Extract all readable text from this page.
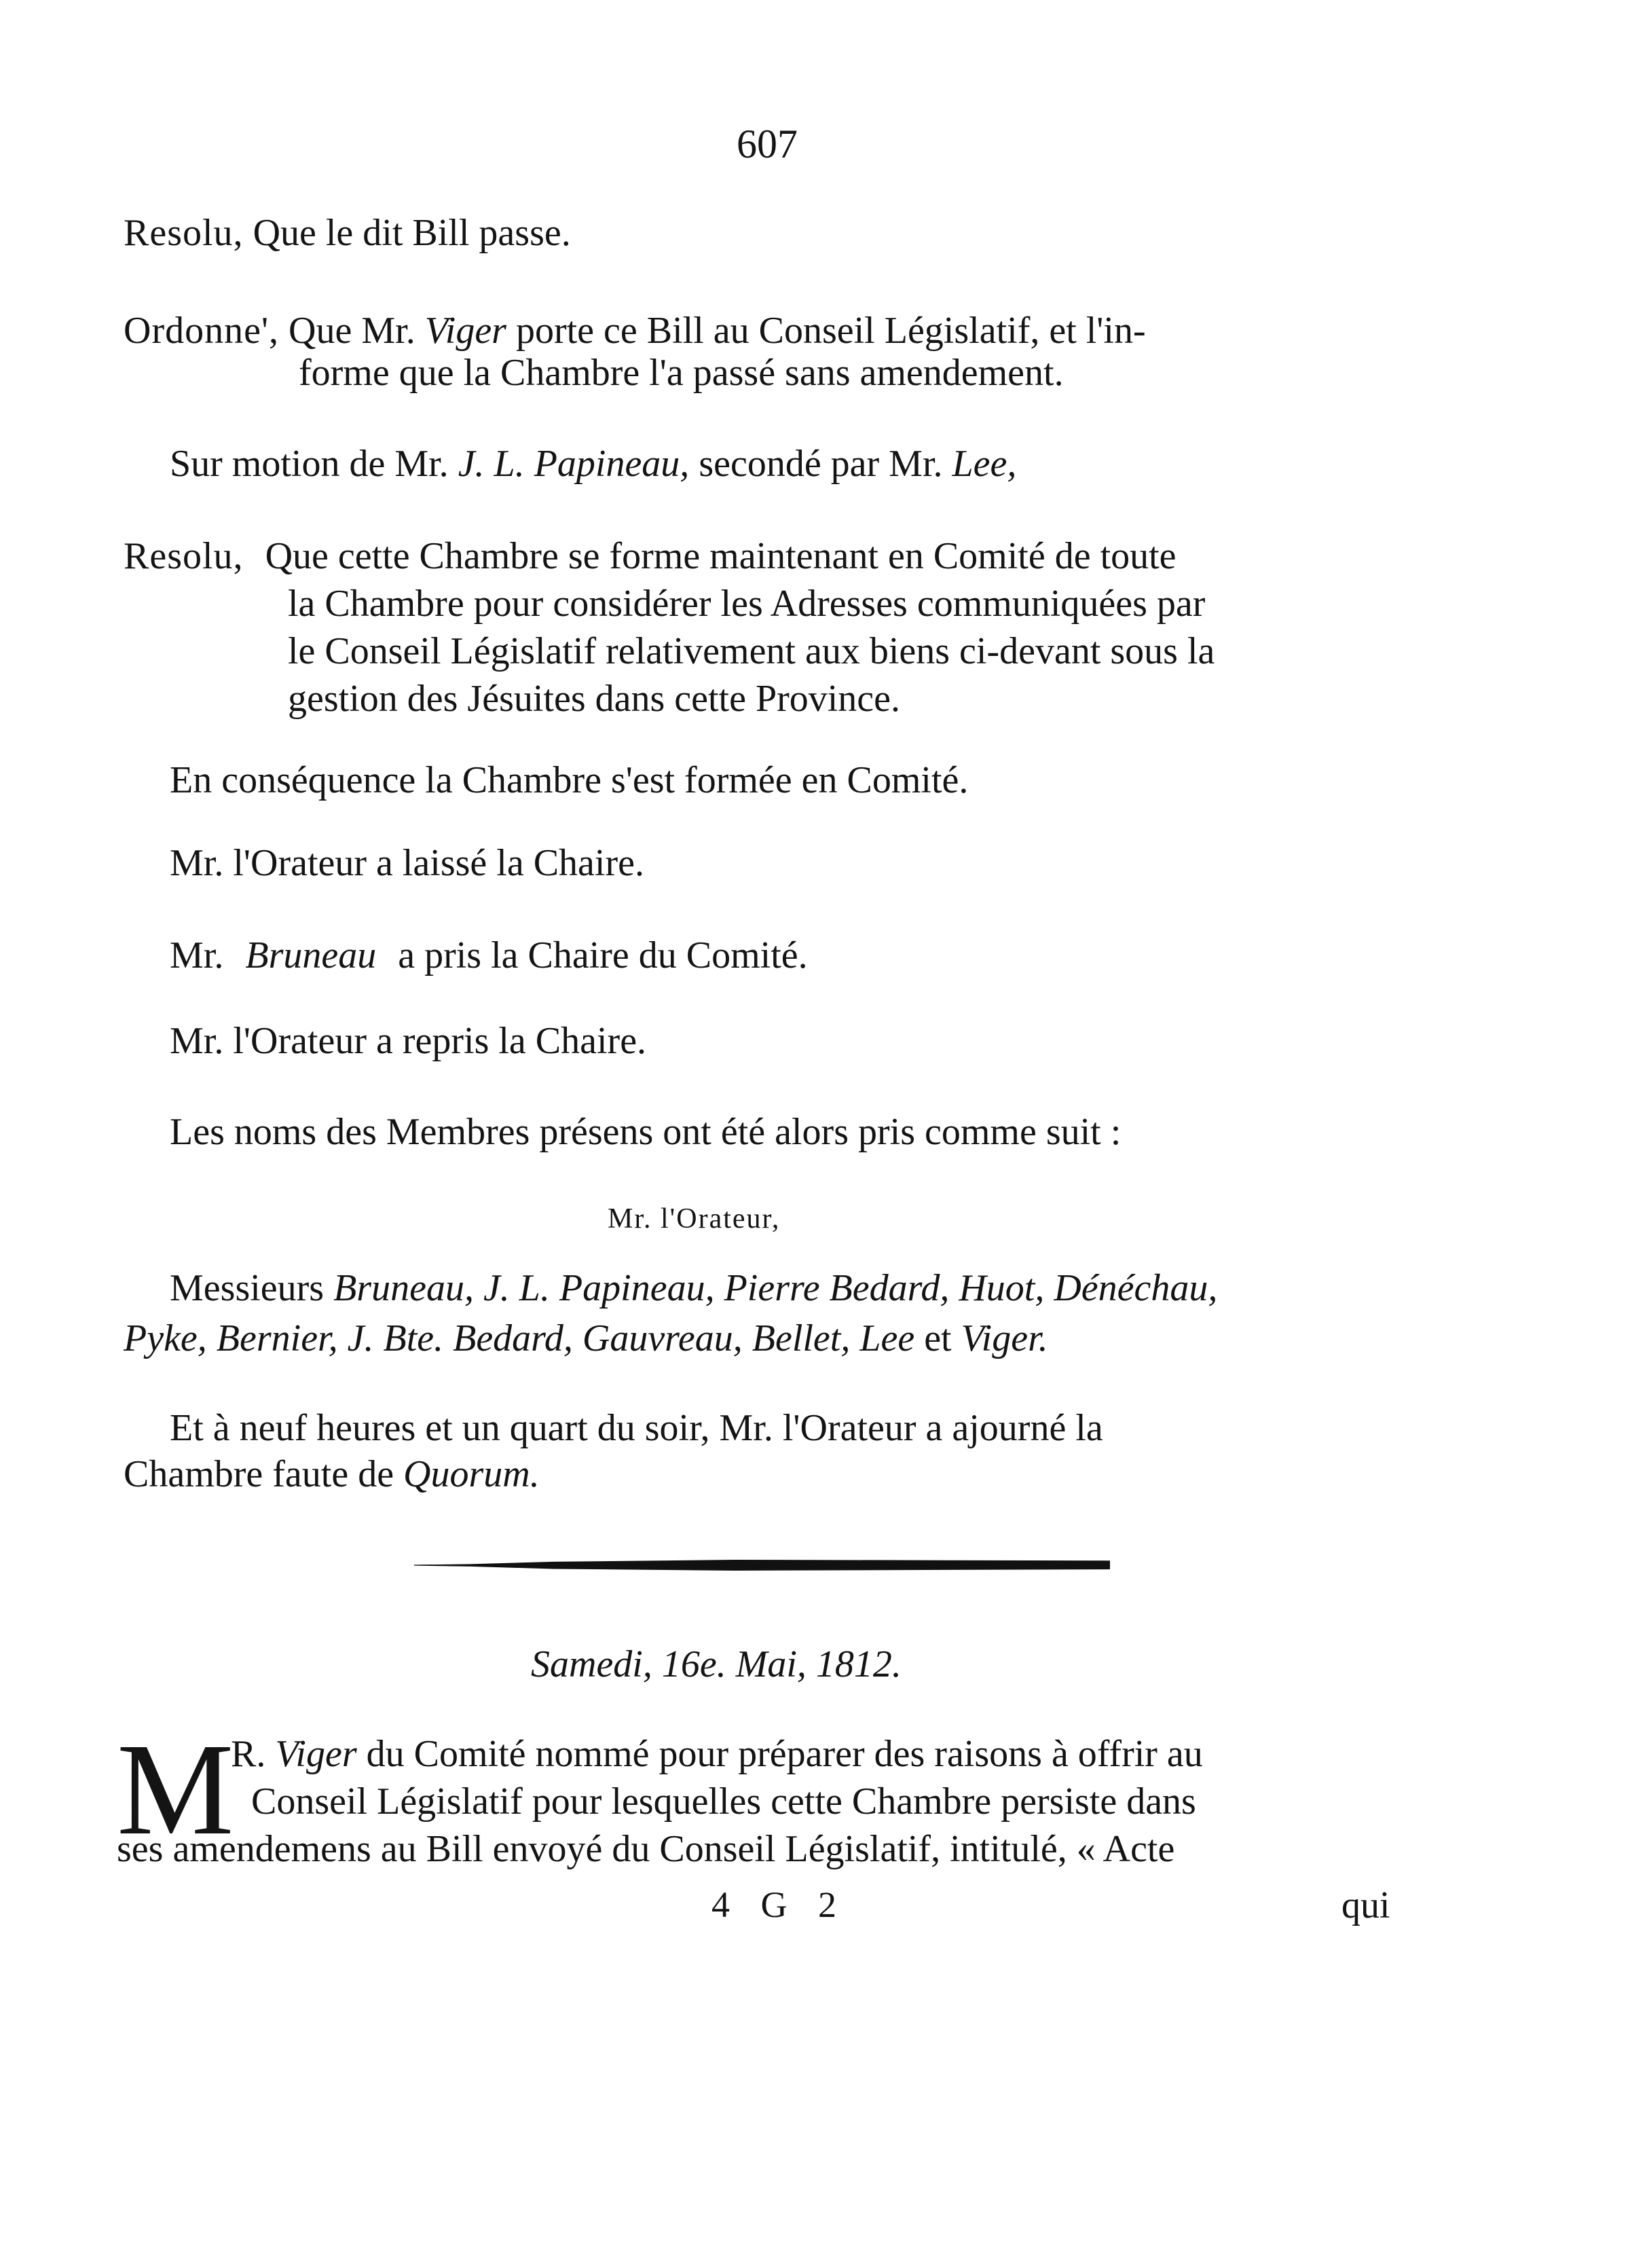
607
Resolu, Que le dit Bill passe.
Ordonne', Que Mr. Viger porte ce Bill au Conseil Législatif, et l'in-
forme que la Chambre l'a passé sans amendement.
Sur motion de Mr. J. L. Papineau, secondé par Mr. Lee,
Resolu, Que cette Chambre se forme maintenant en Comité de toute
la Chambre pour considérer les Adresses communiquées par
le Conseil Législatif relativement aux biens ci-devant sous la
gestion des Jésuites dans cette Province.
En conséquence la Chambre s'est formée en Comité.
Mr. l'Orateur a laissé la Chaire.
Mr. Bruneau a pris la Chaire du Comité.
Mr. l'Orateur a repris la Chaire.
Les noms des Membres présens ont été alors pris comme suit :
Mr. l'Orateur,
Messieurs Bruneau, J. L. Papineau, Pierre Bedard, Huot, Dénéchau,
Pyke, Bernier, J. Bte. Bedard, Gauvreau, Bellet, Lee et Viger.
Et à neuf heures et un quart du soir, Mr. l'Orateur a ajourné la
Chambre faute de Quorum.
Samedi, 16e. Mai, 1812.
M
R. Viger du Comité nommé pour préparer des raisons à offrir au
Conseil Législatif pour lesquelles cette Chambre persiste dans
ses amendemens au Bill envoyé du Conseil Législatif, intitulé, « Acte
4 G 2	qui
